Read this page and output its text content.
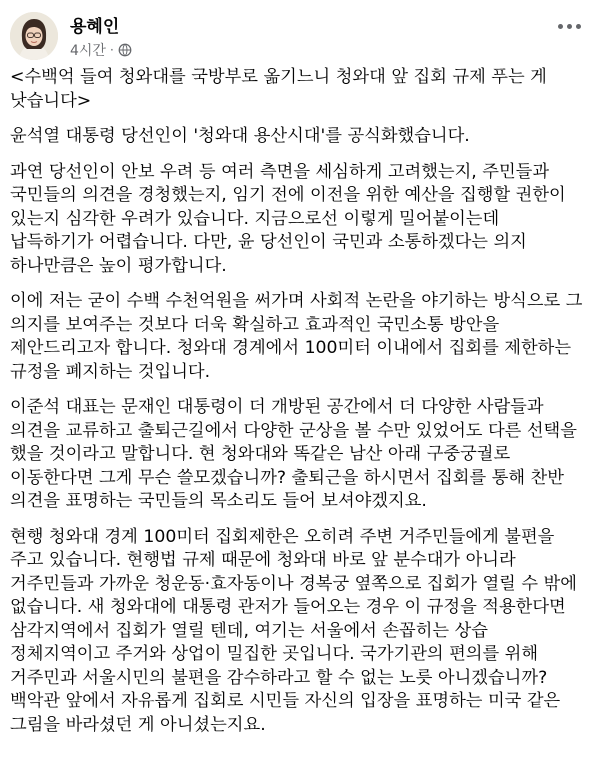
용혜인
4시간 ·

<수백억 들여 청와대를 국방부로 옮기느니 청와대 앞 집회 규제 푸는 게 낫습니다>

윤석열 대통령 당선인이 '청와대 용산시대'를 공식화했습니다.

과연 당선인이 안보 우려 등 여러 측면을 세심하게 고려했는지, 주민들과 국민들의 의견을 경청했는지, 임기 전에 이전을 위한 예산을 집행할 권한이 있는지 심각한 우려가 있습니다. 지금으로선 이렇게 밀어붙이는데 납득하기가 어렵습니다. 다만, 윤 당선인이 국민과 소통하겠다는 의지 하나만큼은 높이 평가합니다.

이에 저는 굳이 수백 수천억원을 써가며 사회적 논란을 야기하는 방식으로 그 의지를 보여주는 것보다 더욱 확실하고 효과적인 국민소통 방안을 제안드리고자 합니다. 청와대 경계에서 100미터 이내에서 집회를 제한하는 규정을 폐지하는 것입니다.

이준석 대표는 문재인 대통령이 더 개방된 공간에서 더 다양한 사람들과 의견을 교류하고 출퇴근길에서 다양한 군상을 볼 수만 있었어도 다른 선택을 했을 것이라고 말합니다. 현 청와대와 똑같은 남산 아래 구중궁궐로 이동한다면 그게 무슨 쓸모겠습니까? 출퇴근을 하시면서 집회를 통해 찬반 의견을 표명하는 국민들의 목소리도 들어 보셔야겠지요.

현행 청와대 경계 100미터 집회제한은 오히려 주변 거주민들에게 불편을 주고 있습니다. 현행법 규제 때문에 청와대 바로 앞 분수대가 아니라 거주민들과 가까운 청운동·효자동이나 경복궁 옆쪽으로 집회가 열릴 수 밖에 없습니다. 새 청와대에 대통령 관저가 들어오는 경우 이 규정을 적용한다면 삼각지역에서 집회가 열릴 텐데, 여기는 서울에서 손꼽히는 상습 정체지역이고 주거와 상업이 밀집한 곳입니다. 국가기관의 편의를 위해 거주민과 서울시민의 불편을 감수하라고 할 수 없는 노릇 아니겠습니까? 백악관 앞에서 자유롭게 집회로 시민들 자신의 입장을 표명하는 미국 같은 그림을 바라셨던 게 아니셨는지요.
